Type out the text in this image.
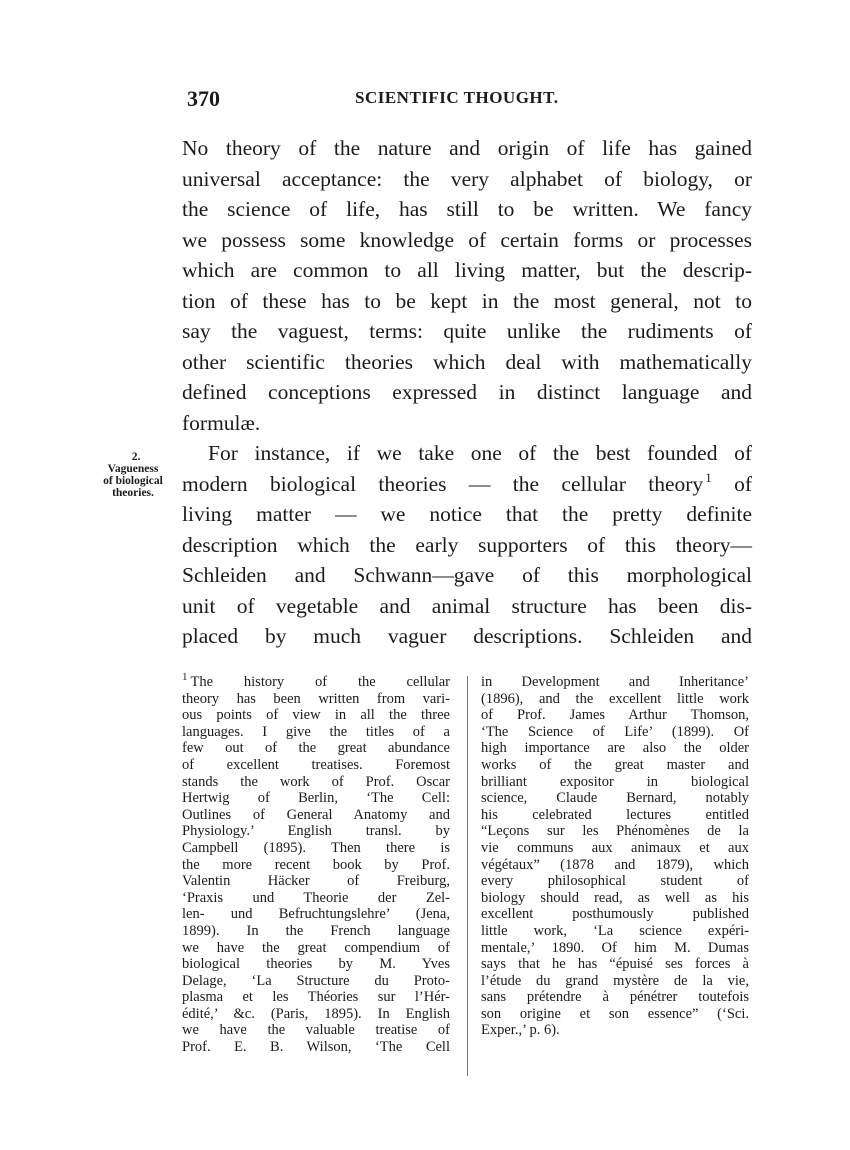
370	SCIENTIFIC THOUGHT.
2.
Vagueness
of biological
theories.
No theory of the nature and origin of life has gained
universal acceptance: the very alphabet of biology, or
the science of life, has still to be written. We fancy
we possess some knowledge of certain forms or processes
which are common to all living matter, but the descrip-
tion of these has to be kept in the most general, not to
say the vaguest, terms: quite unlike the rudiments of
other scientific theories which deal with mathematically
defined conceptions expressed in distinct language and
formulæ.
For instance, if we take one of the best founded of
modern biological theories — the cellular theory $^1$ of
living matter — we notice that the pretty definite
description which the early supporters of this theory—
Schleiden and Schwann—gave of this morphological
unit of vegetable and animal structure has been dis-
placed by much vaguer descriptions. Schleiden and
$^1$ The history of the cellular
theory has been written from vari-
ous points of view in all the three
languages. I give the titles of a
few out of the great abundance
of excellent treatises. Foremost
stands the work of Prof. Oscar
Hertwig of Berlin, ‘The Cell:
Outlines of General Anatomy and
Physiology.’ English transl. by
Campbell (1895). Then there is
the more recent book by Prof.
Valentin Häcker of Freiburg,
‘Praxis und Theorie der Zel-
len- und Befruchtungslehre’ (Jena,
1899). In the French language
we have the great compendium of
biological theories by M. Yves
Delage, ‘La Structure du Proto-
plasma et les Théories sur l’Hér-
édité,’ &c. (Paris, 1895). In English
we have the valuable treatise of
Prof. E. B. Wilson, ‘The Cell
in Development and Inheritance’
(1896), and the excellent little work
of Prof. James Arthur Thomson,
‘The Science of Life’ (1899). Of
high importance are also the older
works of the great master and
brilliant expositor in biological
science, Claude Bernard, notably
his celebrated lectures entitled
“Leçons sur les Phénomènes de la
vie communs aux animaux et aux
végétaux” (1878 and 1879), which
every philosophical student of
biology should read, as well as his
excellent posthumously published
little work, ‘La science expéri-
mentale,’ 1890. Of him M. Dumas
says that he has “épuisé ses forces à
l’étude du grand mystère de la vie,
sans prétendre à pénétrer toutefois
son origine et son essence” (‘Sci.
Exper.,’ p. 6).
